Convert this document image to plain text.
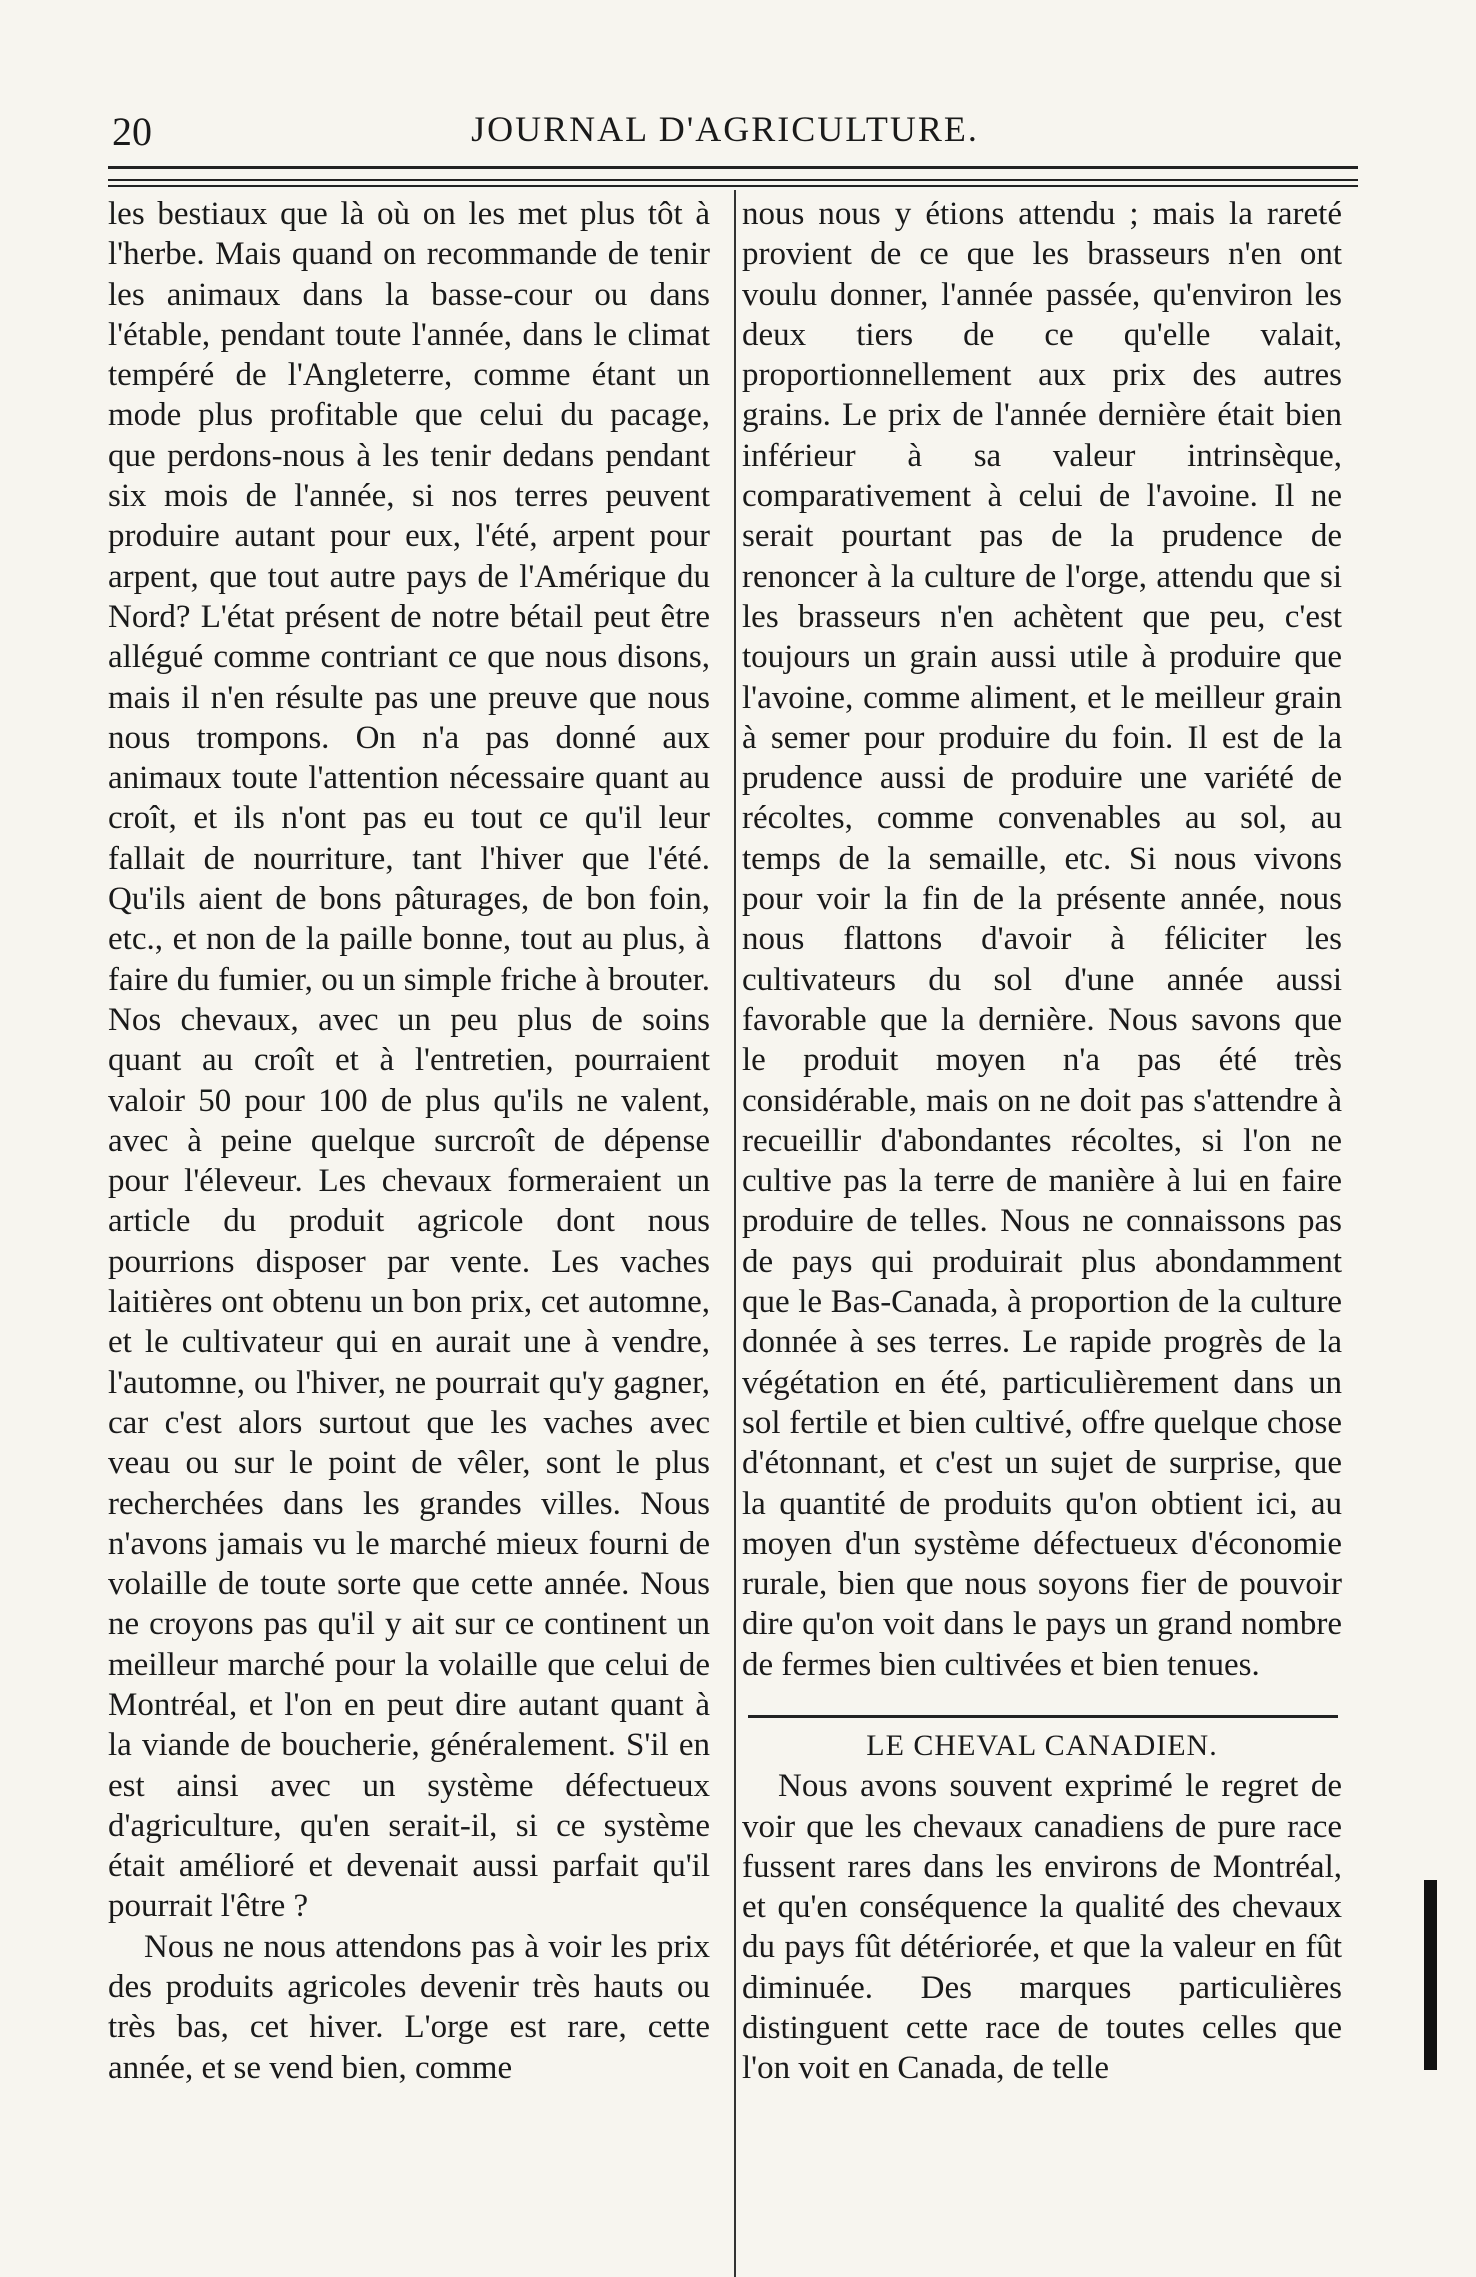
20	JOURNAL D'AGRICULTURE.

les bestiaux que là où on les met plus tôt à l'herbe. Mais quand on recommande de tenir les animaux dans la basse-cour ou dans l'étable, pendant toute l'année, dans le climat tempéré de l'Angleterre, comme étant un mode plus profitable que celui du pacage, que perdons-nous à les tenir dedans pendant six mois de l'année, si nos terres peuvent produire autant pour eux, l'été, arpent pour arpent, que tout autre pays de l'Amérique du Nord? L'état présent de notre bétail peut être allégué comme contriant ce que nous disons, mais il n'en résulte pas une preuve que nous nous trompons. On n'a pas donné aux animaux toute l'attention nécessaire quant au croît, et ils n'ont pas eu tout ce qu'il leur fallait de nourriture, tant l'hiver que l'été. Qu'ils aient de bons pâturages, de bon foin, etc., et non de la paille bonne, tout au plus, à faire du fumier, ou un simple friche à brouter. Nos chevaux, avec un peu plus de soins quant au croît et à l'entretien, pourraient valoir 50 pour 100 de plus qu'ils ne valent, avec à peine quelque surcroît de dépense pour l'éleveur. Les chevaux formeraient un article du produit agricole dont nous pourrions disposer par vente. Les vaches laitières ont obtenu un bon prix, cet automne, et le cultivateur qui en aurait une à vendre, l'automne, ou l'hiver, ne pourrait qu'y gagner, car c'est alors surtout que les vaches avec veau ou sur le point de vêler, sont le plus recherchées dans les grandes villes. Nous n'avons jamais vu le marché mieux fourni de volaille de toute sorte que cette année. Nous ne croyons pas qu'il y ait sur ce continent un meilleur marché pour la volaille que celui de Montréal, et l'on en peut dire autant quant à la viande de boucherie, généralement. S'il en est ainsi avec un système défectueux d'agriculture, qu'en serait-il, si ce système était amélioré et devenait aussi parfait qu'il pourrait l'être ?

Nous ne nous attendons pas à voir les prix des produits agricoles devenir très hauts ou très bas, cet hiver. L'orge est rare, cette année, et se vend bien, comme

nous nous y étions attendu ; mais la rareté provient de ce que les brasseurs n'en ont voulu donner, l'année passée, qu'environ les deux tiers de ce qu'elle valait, proportionnellement aux prix des autres grains. Le prix de l'année dernière était bien inférieur à sa valeur intrinsèque, comparativement à celui de l'avoine. Il ne serait pourtant pas de la prudence de renoncer à la culture de l'orge, attendu que si les brasseurs n'en achètent que peu, c'est toujours un grain aussi utile à produire que l'avoine, comme aliment, et le meilleur grain à semer pour produire du foin. Il est de la prudence aussi de produire une variété de récoltes, comme convenables au sol, au temps de la semaille, etc. Si nous vivons pour voir la fin de la présente année, nous nous flattons d'avoir à féliciter les cultivateurs du sol d'une année aussi favorable que la dernière. Nous savons que le produit moyen n'a pas été très considérable, mais on ne doit pas s'attendre à recueillir d'abondantes récoltes, si l'on ne cultive pas la terre de manière à lui en faire produire de telles. Nous ne connaissons pas de pays qui produirait plus abondamment que le Bas-Canada, à proportion de la culture donnée à ses terres. Le rapide progrès de la végétation en été, particulièrement dans un sol fertile et bien cultivé, offre quelque chose d'étonnant, et c'est un sujet de surprise, que la quantité de produits qu'on obtient ici, au moyen d'un système défectueux d'économie rurale, bien que nous soyons fier de pouvoir dire qu'on voit dans le pays un grand nombre de fermes bien cultivées et bien tenues.

LE CHEVAL CANADIEN.

Nous avons souvent exprimé le regret de voir que les chevaux canadiens de pure race fussent rares dans les environs de Montréal, et qu'en conséquence la qualité des chevaux du pays fût détériorée, et que la valeur en fût diminuée. Des marques particulières distinguent cette race de toutes celles que l'on voit en Canada, de telle
